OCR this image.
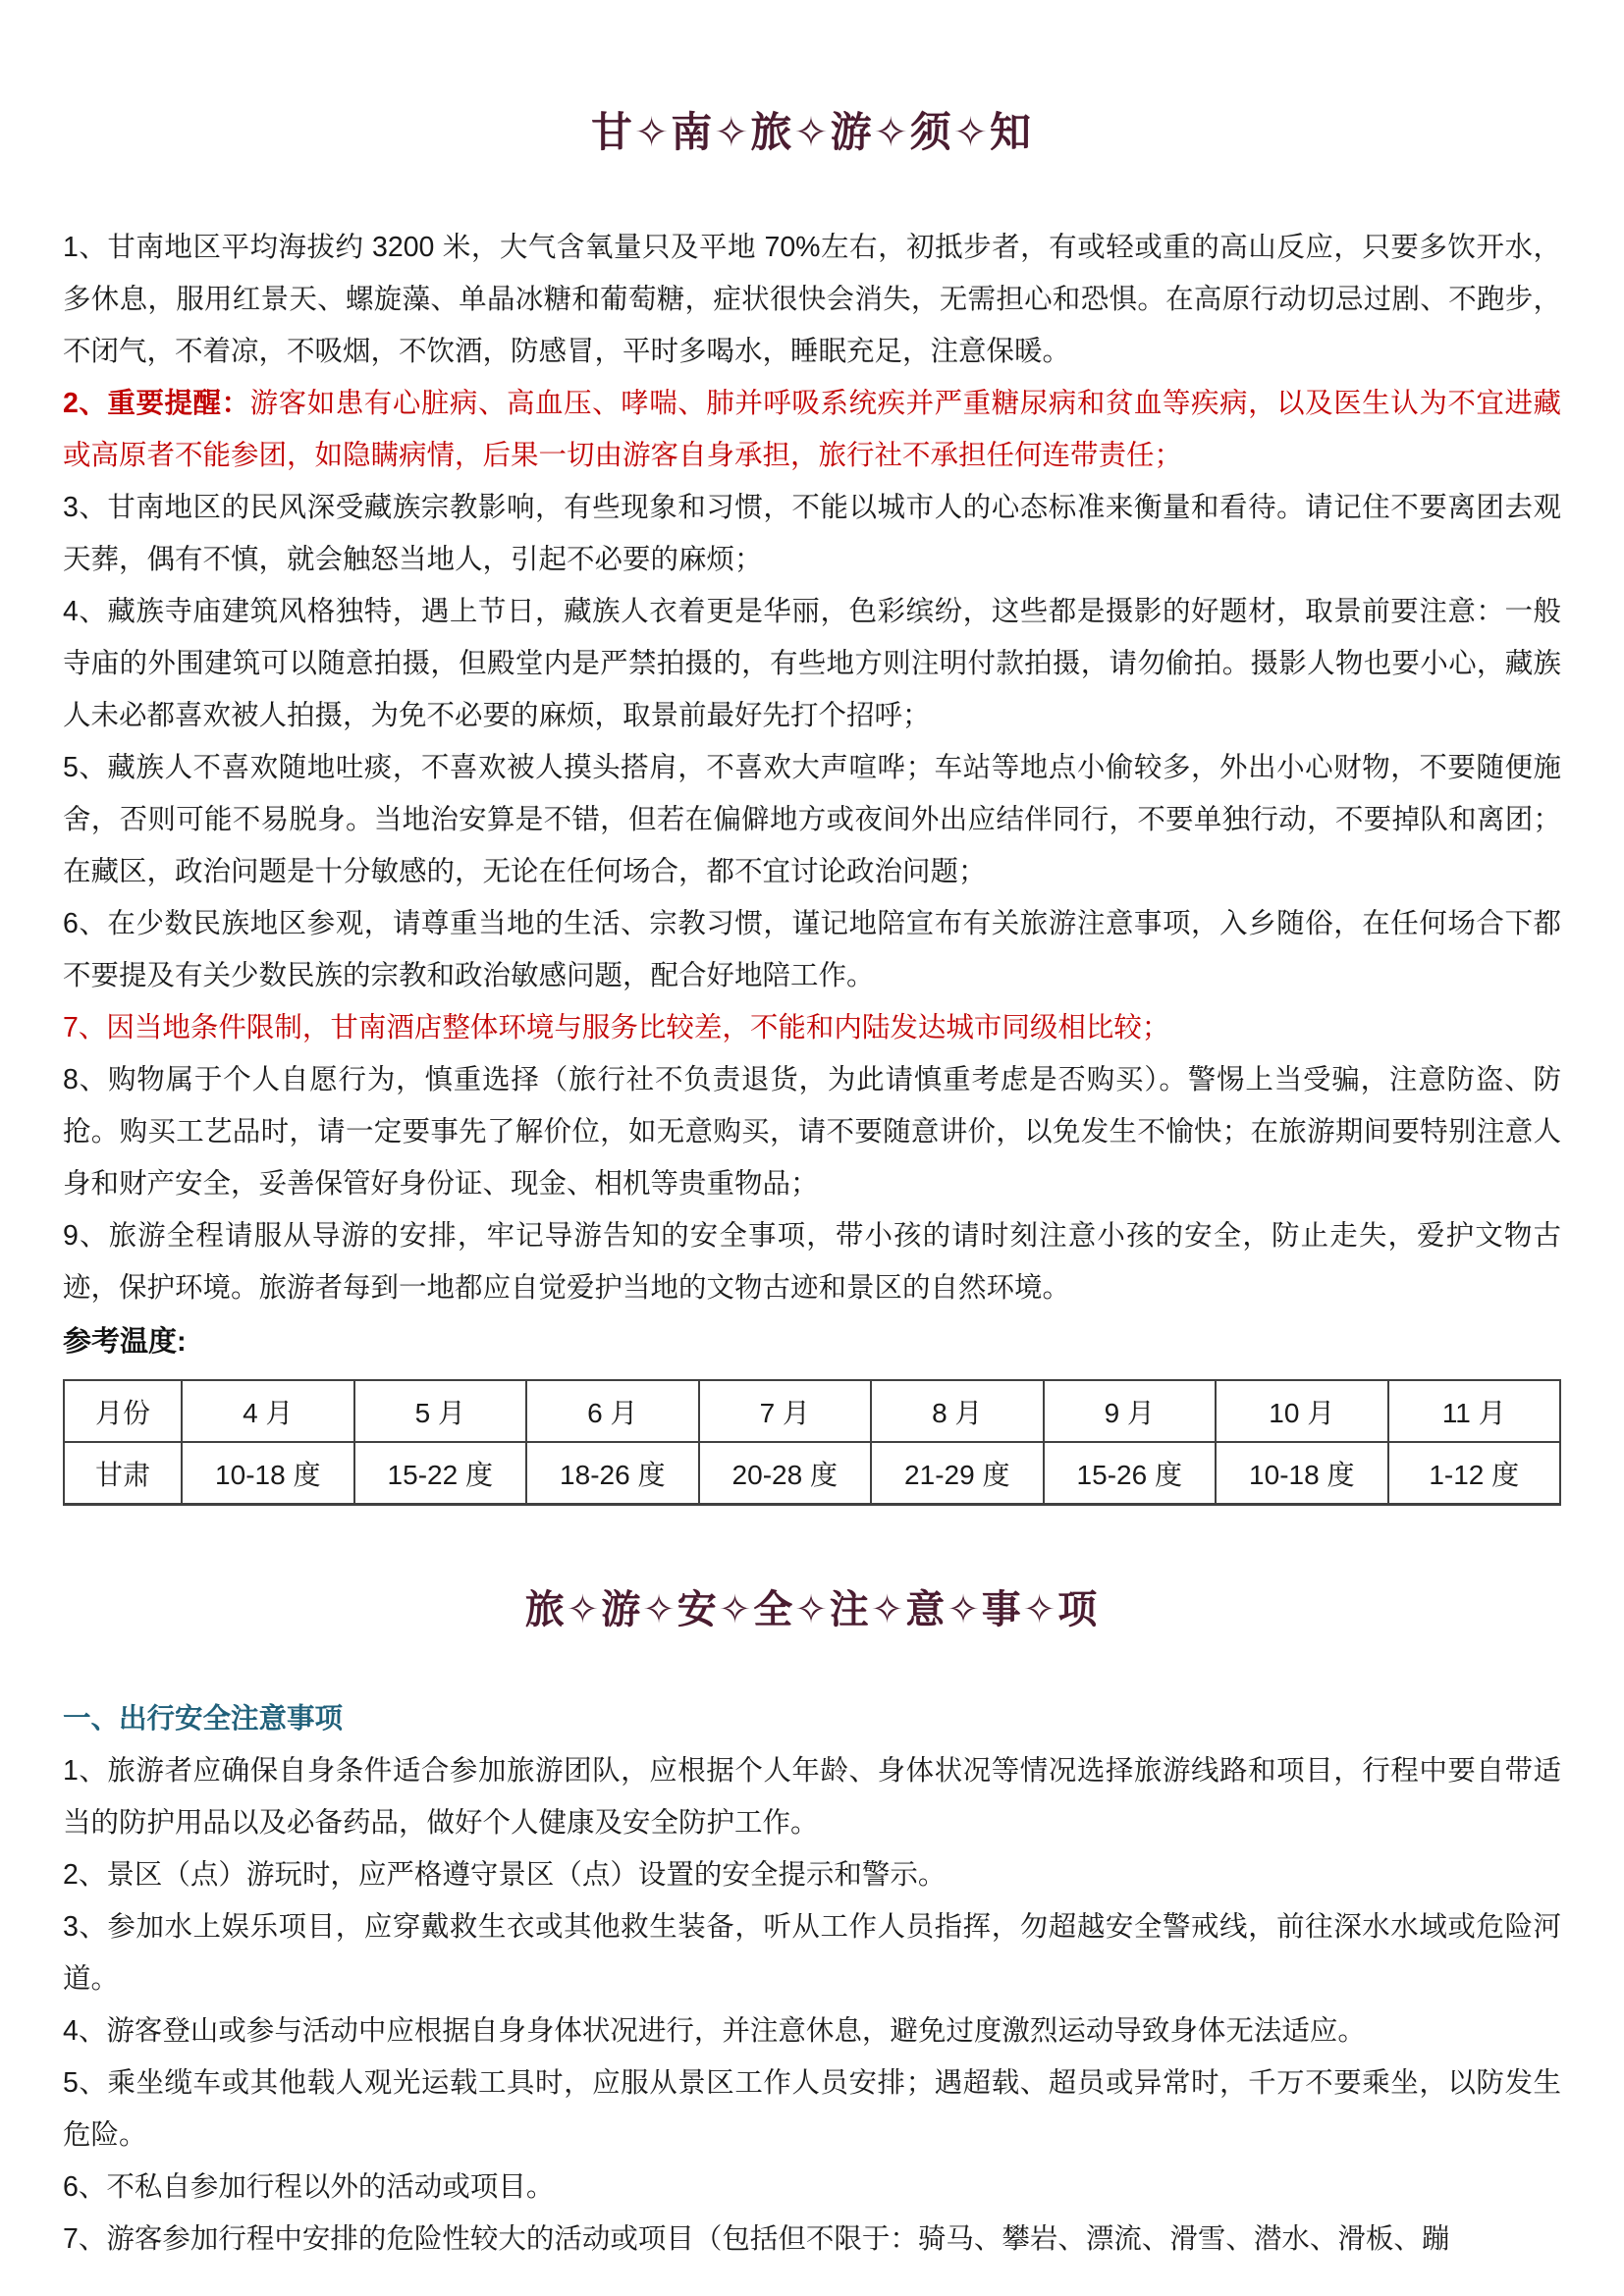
甘✧南✧旅✧游✧须✧知

1、甘南地区平均海拔约 3200 米，大气含氧量只及平地 70%左右，初抵步者，有或轻或重的高山反应，只要多饮开水，多休息，服用红景天、螺旋藻、单晶冰糖和葡萄糖，症状很快会消失，无需担心和恐惧。在高原行动切忌过剧、不跑步，不闭气，不着凉，不吸烟，不饮酒，防感冒，平时多喝水，睡眠充足，注意保暖。

2、重要提醒：游客如患有心脏病、高血压、哮喘、肺并呼吸系统疾并严重糖尿病和贫血等疾病，以及医生认为不宜进藏或高原者不能参团，如隐瞒病情，后果一切由游客自身承担，旅行社不承担任何连带责任；

3、甘南地区的民风深受藏族宗教影响，有些现象和习惯，不能以城市人的心态标准来衡量和看待。请记住不要离团去观天葬，偶有不慎，就会触怒当地人，引起不必要的麻烦；

4、藏族寺庙建筑风格独特，遇上节日，藏族人衣着更是华丽，色彩缤纷，这些都是摄影的好题材，取景前要注意：一般寺庙的外围建筑可以随意拍摄，但殿堂内是严禁拍摄的，有些地方则注明付款拍摄，请勿偷拍。摄影人物也要小心，藏族人未必都喜欢被人拍摄，为免不必要的麻烦，取景前最好先打个招呼；

5、藏族人不喜欢随地吐痰，不喜欢被人摸头搭肩，不喜欢大声喧哗；车站等地点小偷较多，外出小心财物，不要随便施舍，否则可能不易脱身。当地治安算是不错，但若在偏僻地方或夜间外出应结伴同行，不要单独行动，不要掉队和离团；在藏区，政治问题是十分敏感的，无论在任何场合，都不宜讨论政治问题；

6、在少数民族地区参观，请尊重当地的生活、宗教习惯，谨记地陪宣布有关旅游注意事项，入乡随俗，在任何场合下都不要提及有关少数民族的宗教和政治敏感问题，配合好地陪工作。

7、因当地条件限制，甘南酒店整体环境与服务比较差，不能和内陆发达城市同级相比较；

8、购物属于个人自愿行为，慎重选择（旅行社不负责退货，为此请慎重考虑是否购买）。警惕上当受骗，注意防盗、防抢。购买工艺品时，请一定要事先了解价位，如无意购买，请不要随意讲价，以免发生不愉快；在旅游期间要特别注意人身和财产安全，妥善保管好身份证、现金、相机等贵重物品；

9、旅游全程请服从导游的安排，牢记导游告知的安全事项，带小孩的请时刻注意小孩的安全，防止走失，爱护文物古迹，保护环境。旅游者每到一地都应自觉爱护当地的文物古迹和景区的自然环境。

参考温度:

月份	4 月	5 月	6 月	7 月	8 月	9 月	10 月	11 月
甘肃	10-18 度	15-22 度	18-26 度	20-28 度	21-29 度	15-26 度	10-18 度	1-12 度
旅✧游✧安✧全✧注✧意✧事✧项

一、出行安全注意事项

1、旅游者应确保自身条件适合参加旅游团队，应根据个人年龄、身体状况等情况选择旅游线路和项目，行程中要自带适当的防护用品以及必备药品，做好个人健康及安全防护工作。

2、景区（点）游玩时，应严格遵守景区（点）设置的安全提示和警示。

3、参加水上娱乐项目，应穿戴救生衣或其他救生装备，听从工作人员指挥，勿超越安全警戒线，前往深水水域或危险河道。

4、游客登山或参与活动中应根据自身身体状况进行，并注意休息，避免过度激烈运动导致身体无法适应。

5、乘坐缆车或其他载人观光运载工具时，应服从景区工作人员安排；遇超载、超员或异常时，千万不要乘坐，以防发生危险。

6、不私自参加行程以外的活动或项目。

7、游客参加行程中安排的危险性较大的活动或项目（包括但不限于：骑马、攀岩、漂流、滑雪、潜水、滑板、蹦
